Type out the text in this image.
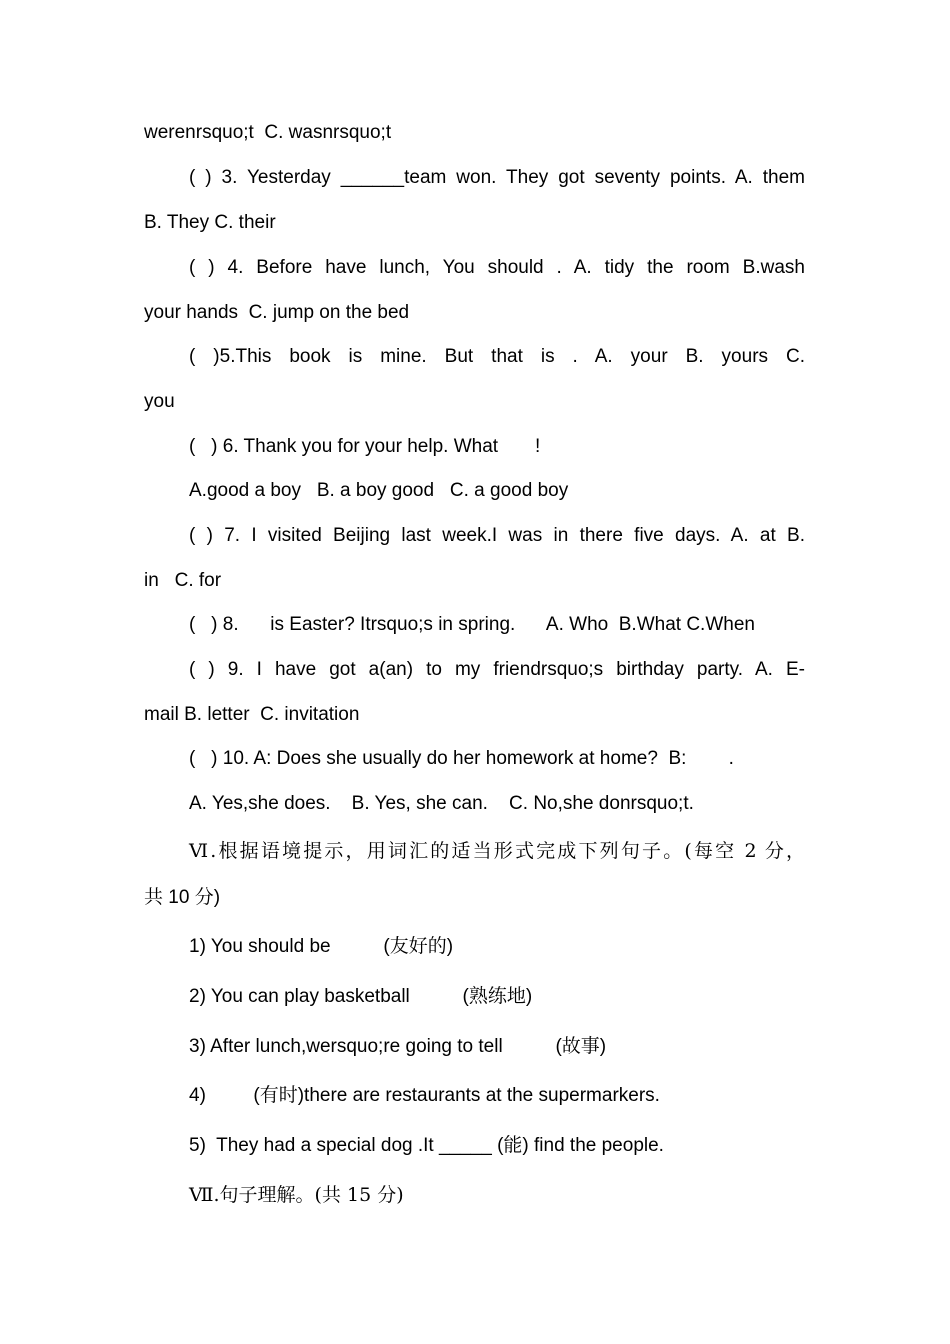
werenrsquo;t  C. wasnrsquo;t
( ) 3. Yesterday ______team won. They got seventy points. A. them
B. They C. their
( ) 4. Before have lunch, You should . A. tidy the room B.wash
your hands  C. jump on the bed
( )5.This book is mine. But that is . A. your B. yours C.
you
(   ) 6. Thank you for your help. What       !
A.good a boy   B. a boy good   C. a good boy
( ) 7. I visited Beijing last week.I was in there five days. A. at B.
in   C. for
(   ) 8.      is Easter? Itrsquo;s in spring.      A. Who  B.What C.When
( ) 9. I have got a(an) to my friendrsquo;s birthday party. A. E-
mail B. letter  C. invitation
(   ) 10. A: Does she usually do her homework at home?  B:        .
A. Yes,she does.    B. Yes, she can.    C. No,she donrsquo;t.
Ⅵ.根据语境提示，用词汇的适当形式完成下列句子。(每空 2 分，
共 10 分)
1) You should be          (友好的)
2) You can play basketball          (熟练地)
3) After lunch,wersquo;re going to tell          (故事)
4)         (有时)there are restaurants at the supermarkers.
5)  They had a special dog .It _____ (能) find the people.
Ⅶ.句子理解。(共 15 分)
